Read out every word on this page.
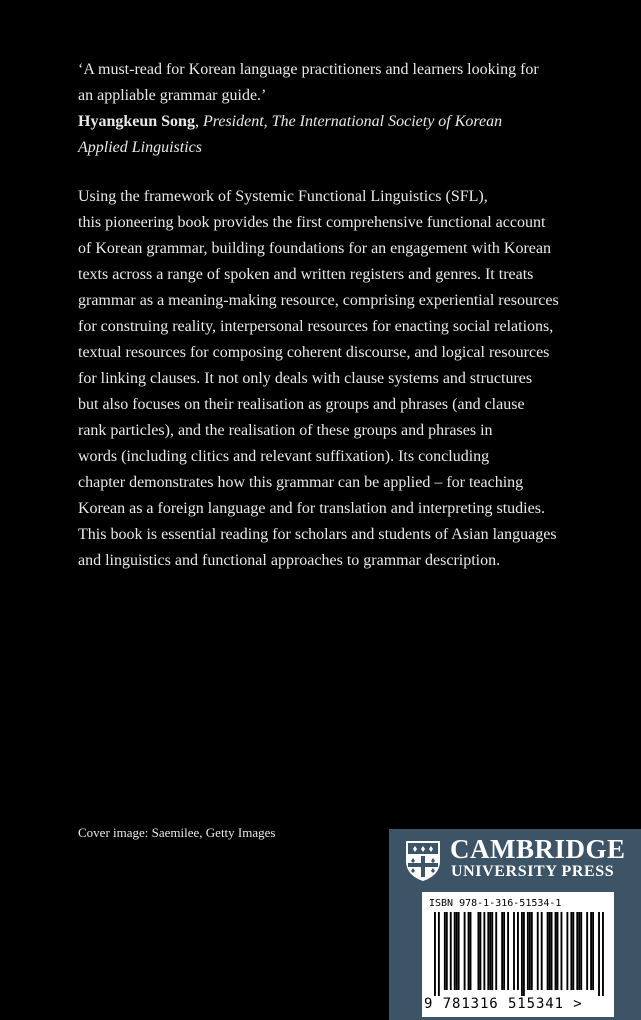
‘A must-read for Korean language practitioners and learners looking for
an appliable grammar guide.’
Hyangkeun Song, President, The International Society of Korean
Applied Linguistics
Using the framework of Systemic Functional Linguistics (SFL),
this pioneering book provides the first comprehensive functional account
of Korean grammar, building foundations for an engagement with Korean
texts across a range of spoken and written registers and genres. It treats
grammar as a meaning-making resource, comprising experiential resources
for construing reality, interpersonal resources for enacting social relations,
textual resources for composing coherent discourse, and logical resources
for linking clauses. It not only deals with clause systems and structures
but also focuses on their realisation as groups and phrases (and clause
rank particles), and the realisation of these groups and phrases in
words (including clitics and relevant suffixation). Its concluding
chapter demonstrates how this grammar can be applied – for teaching
Korean as a foreign language and for translation and interpreting studies.
This book is essential reading for scholars and students of Asian languages
and linguistics and functional approaches to grammar description.
Cover image: Saemilee, Getty Images
CAMBRIDGE
UNIVERSITY PRESS
ISBN 978-1-316-51534-1
9 781316 515341 >
